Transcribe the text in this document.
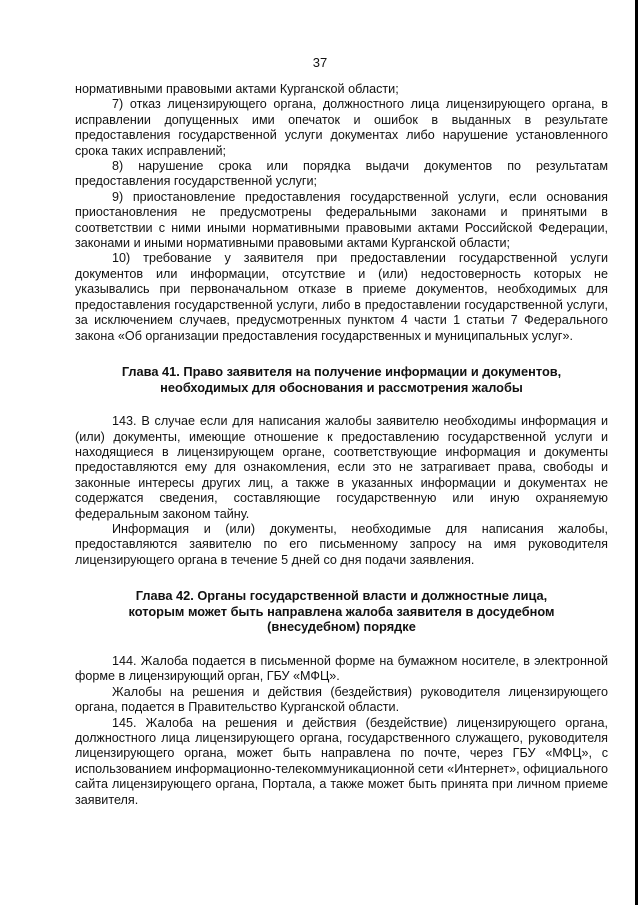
37

нормативными правовыми актами Курганской области;

7) отказ лицензирующего органа, должностного лица лицензирующего органа, в исправлении допущенных ими опечаток и ошибок в выданных в результате предоставления государственной услуги документах либо нарушение установленного срока таких исправлений;

8) нарушение срока или порядка выдачи документов по результатам предоставления государственной услуги;

9) приостановление предоставления государственной услуги, если основания приостановления не предусмотрены федеральными законами и принятыми в соответствии с ними иными нормативными правовыми актами Российской Федерации, законами и иными нормативными правовыми актами Курганской области;

10) требование у заявителя при предоставлении государственной услуги документов или информации, отсутствие и (или) недостоверность которых не указывались при первоначальном отказе в приеме документов, необходимых для предоставления государственной услуги, либо в предоставлении государственной услуги, за исключением случаев, предусмотренных пунктом 4 части 1 статьи 7 Федерального закона «Об организации предоставления государственных и муниципальных услуг».

Глава 41. Право заявителя на получение информации и документов,
необходимых для обоснования и рассмотрения жалобы

143. В случае если для написания жалобы заявителю необходимы информация и (или) документы, имеющие отношение к предоставлению государственной услуги и находящиеся в лицензирующем органе, соответствующие информация и документы предоставляются ему для ознакомления, если это не затрагивает права, свободы и законные интересы других лиц, а также в указанных информации и документах не содержатся сведения, составляющие государственную или иную охраняемую федеральным законом тайну.

Информация и (или) документы, необходимые для написания жалобы, предоставляются заявителю по его письменному запросу на имя руководителя лицензирующего органа в течение 5 дней со дня подачи заявления.

Глава 42. Органы государственной власти и должностные лица,
которым может быть направлена жалоба заявителя в досудебном
(внесудебном) порядке

144. Жалоба подается в письменной форме на бумажном носителе, в электронной форме в лицензирующий орган, ГБУ «МФЦ».

Жалобы на решения и действия (бездействия) руководителя лицензирующего органа, подается в Правительство Курганской области.

145. Жалоба на решения и действия (бездействие) лицензирующего органа, должностного лица лицензирующего органа, государственного служащего, руководителя лицензирующего органа, может быть направлена по почте, через ГБУ «МФЦ», с использованием информационно-телекоммуникационной сети «Интернет», официального сайта лицензирующего органа, Портала, а также может быть принята при личном приеме заявителя.
